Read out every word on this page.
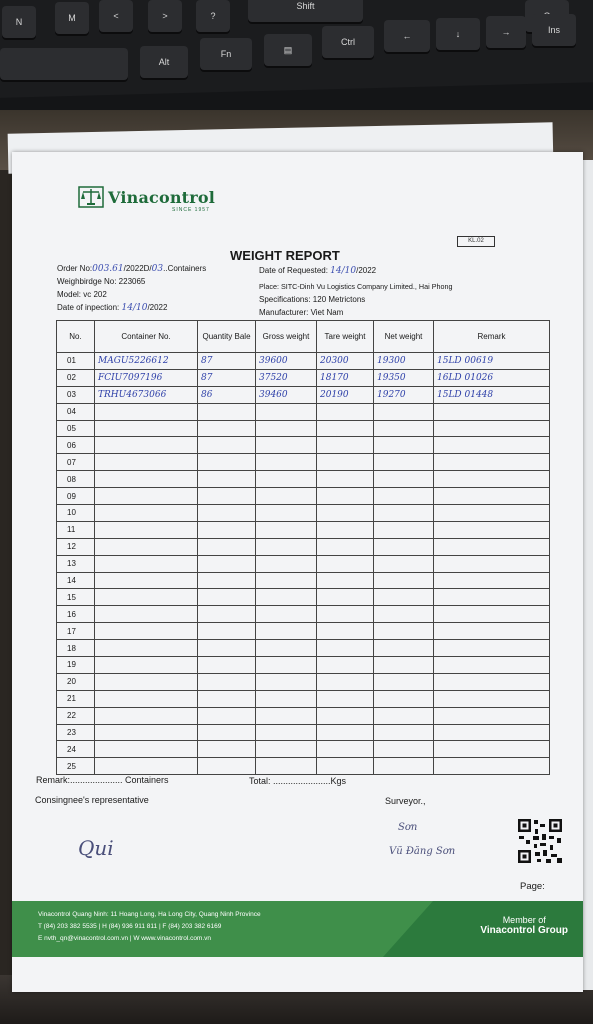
N	M	<	>	?
Shift
Alt
Fn	▤
Ctrl
←	↓	→	Ins
Vinacontrol
SINCE 1957
KL.02
WEIGHT REPORT
Order No:003.61/2022D/03..Containers
Weighbirdge No: 223065
Model: vc 202
Date of inpection: 14/10/2022
Date of Requested: 14/10/2022
Place: SITC-Dinh Vu Logistics Company Limited., Hai Phong
Specifications: 120 Metrictons
Manufacturer: Viet Nam
No.	Container No.	Quantity Bale	Gross weight	Tare weight	Net weight	Remark
01	MAGU5226612	87	39600	20300	19300	15LD 00619
02	FCIU7097196	87	37520	18170	19350	16LD 01026
03	TRHU4673066	86	39460	20190	19270	15LD 01448
04						
05						
06						
07						
08						
09						
10						
11						
12						
13						
14						
15						
16						
17						
18						
19						
20						
21						
22						
23						
24						
25						
Remark:..................... Containers	Total: .......................Kgs
Consingnee's representative	Surveyor.,
Qui
Sơn
Vũ Đăng Sơn
Page:
Vinacontrol Quang Ninh: 11 Hoang Long, Ha Long City, Quang Ninh Province
T (84) 203 382 5535 | H (84) 936 911 811 | F (84) 203 382 6169
E nvth_qn@vinacontrol.com.vn | W www.vinacontrol.com.vn
Member of
Vinacontrol Group
